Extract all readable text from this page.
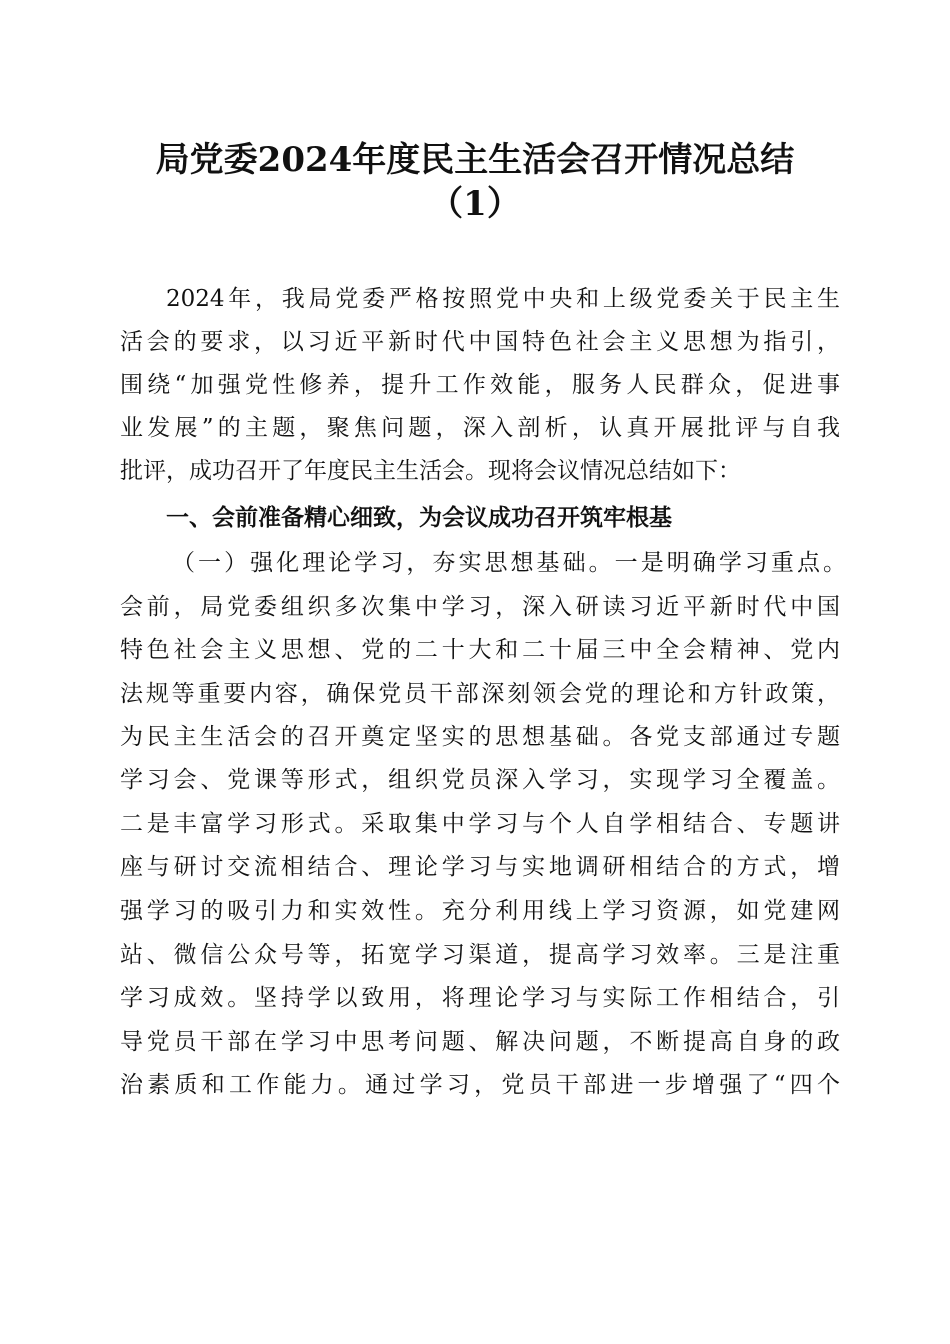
局党委2024年度民主生活会召开情况总结
（1）
2024年，我局党委严格按照党中央和上级党委关于民主生
活会的要求，以习近平新时代中国特色社会主义思想为指引，
围绕“加强党性修养，提升工作效能，服务人民群众，促进事
业发展”的主题，聚焦问题，深入剖析，认真开展批评与自我
批评，成功召开了年度民主生活会。现将会议情况总结如下：
一、会前准备精心细致，为会议成功召开筑牢根基
（一）强化理论学习，夯实思想基础。一是明确学习重点。
会前，局党委组织多次集中学习，深入研读习近平新时代中国
特色社会主义思想、党的二十大和二十届三中全会精神、党内
法规等重要内容，确保党员干部深刻领会党的理论和方针政策，
为民主生活会的召开奠定坚实的思想基础。各党支部通过专题
学习会、党课等形式，组织党员深入学习，实现学习全覆盖。
二是丰富学习形式。采取集中学习与个人自学相结合、专题讲
座与研讨交流相结合、理论学习与实地调研相结合的方式，增
强学习的吸引力和实效性。充分利用线上学习资源，如党建网
站、微信公众号等，拓宽学习渠道，提高学习效率。三是注重
学习成效。坚持学以致用，将理论学习与实际工作相结合，引
导党员干部在学习中思考问题、解决问题，不断提高自身的政
治素质和工作能力。通过学习，党员干部进一步增强了“四个
